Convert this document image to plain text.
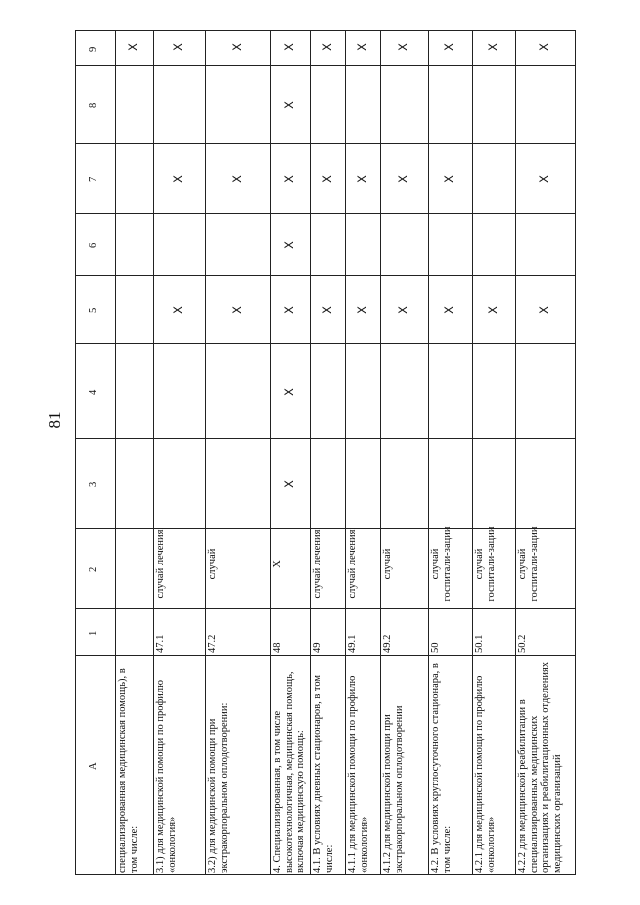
81
А
1
2
3
4
5
6
7
8
9
специализированная медицинская помощь), в том числе:
Х
3.1) для медицинской помощи по профилю «онкология»
47.1
случай лечения
Х
Х
Х
3.2) для медицинской помощи при экстракорпоральном оплодотворении:
47.2
случай
Х
Х
Х
4. Специализированная, в том числе высокотехнологичная, медицинская помощь, включая медицинскую помощь:
48
Х
Х
Х
Х
Х
Х
Х
Х
4.1. В условиях дневных стационаров, в том числе:
49
случай лечения
Х
Х
Х
4.1.1 для медицинской помощи по профилю «онкология»
49.1
случай лечения
Х
Х
Х
4.1.2 для медицинской помощи при экстракорпоральном оплодотворении
49.2
случай
Х
Х
Х
4.2. В условиях круглосуточного стационара, в том числе:
50
случай госпитали-зации
Х
Х
Х
4.2.1 для медицинской помощи по профилю «онкология»
50.1
случай госпитали-зации
Х
Х
4.2.2 для медицинской реабилитации в специализированных медицинских организациях и реабилитационных отделениях медицинских организаций
50.2
случай госпитали-зации
Х
Х
Х
